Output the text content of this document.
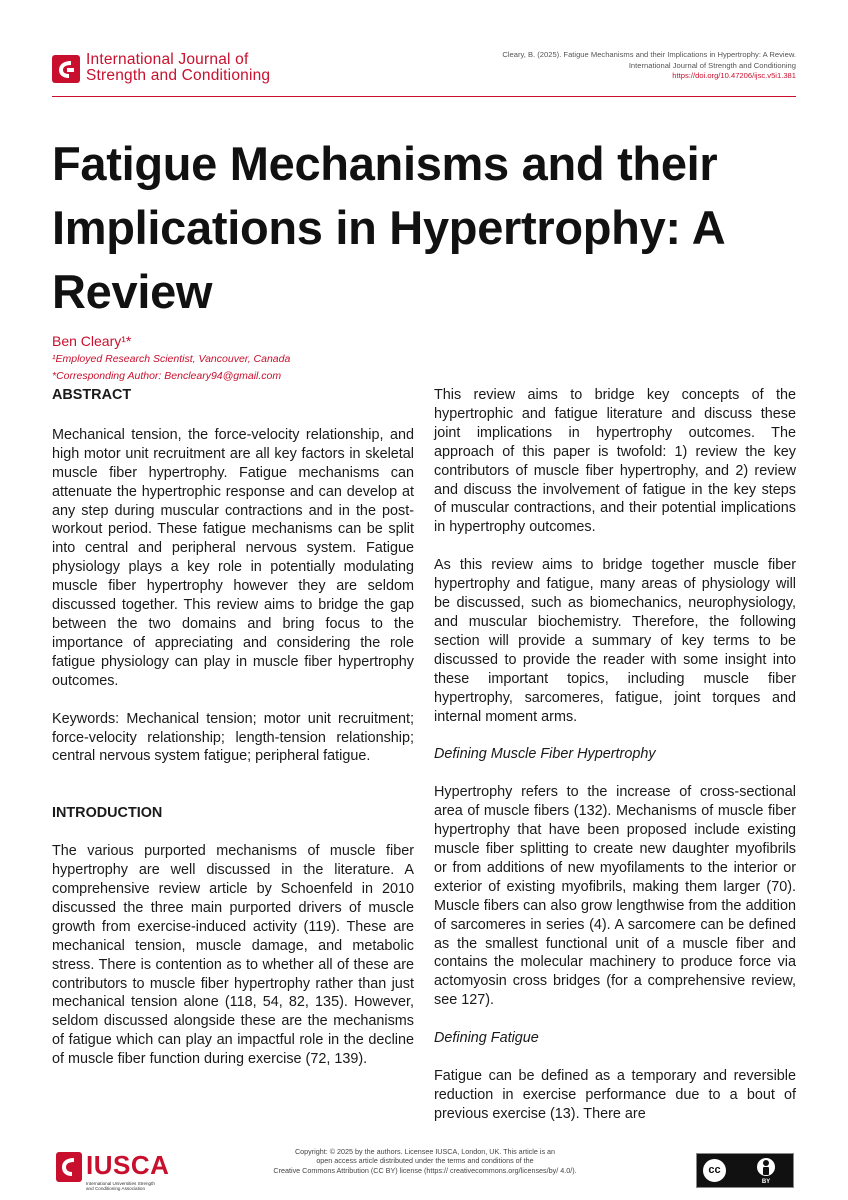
International Journal of
Strength and Conditioning
Cleary, B. (2025). Fatigue Mechanisms and their Implications in Hypertrophy: A Review.
International Journal of Strength and Conditioning
https://doi.org/10.47206/ijsc.v5i1.381
Fatigue Mechanisms and their Implications in Hypertrophy: A Review
Ben Cleary¹*
¹Employed Research Scientist, Vancouver, Canada
*Corresponding Author: Bencleary94@gmail.com
ABSTRACT

Mechanical tension, the force-velocity relationship, and high motor unit recruitment are all key factors in skeletal muscle fiber hypertrophy. Fatigue mechanisms can attenuate the hypertrophic response and can develop at any step during muscular contractions and in the post-workout period. These fatigue mechanisms can be split into central and peripheral nervous system. Fatigue physiology plays a key role in potentially modulating muscle fiber hypertrophy however they are seldom discussed together. This review aims to bridge the gap between the two domains and bring focus to the importance of appreciating and considering the role fatigue physiology can play in muscle fiber hypertrophy outcomes.

Keywords: Mechanical tension; motor unit recruitment; force-velocity relationship; length-tension relationship; central nervous system fatigue; peripheral fatigue.

INTRODUCTION

The various purported mechanisms of muscle fiber hypertrophy are well discussed in the literature. A comprehensive review article by Schoenfeld in 2010 discussed the three main purported drivers of muscle growth from exercise-induced activity (119). These are mechanical tension, muscle damage, and metabolic stress. There is contention as to whether all of these are contributors to muscle fiber hypertrophy rather than just mechanical tension alone (118, 54, 82, 135). However, seldom discussed alongside these are the mechanisms of fatigue which can play an impactful role in the decline of muscle fiber function during exercise (72, 139).

This review aims to bridge key concepts of the hypertrophic and fatigue literature and discuss these joint implications in hypertrophy outcomes. The approach of this paper is twofold: 1) review the key contributors of muscle fiber hypertrophy, and 2) review and discuss the involvement of fatigue in the key steps of muscular contractions, and their potential implications in hypertrophy outcomes.

As this review aims to bridge together muscle fiber hypertrophy and fatigue, many areas of physiology will be discussed, such as biomechanics, neurophysiology, and muscular biochemistry. Therefore, the following section will provide a summary of key terms to be discussed to provide the reader with some insight into these important topics, including muscle fiber hypertrophy, sarcomeres, fatigue, joint torques and internal moment arms.

Defining Muscle Fiber Hypertrophy

Hypertrophy refers to the increase of cross-sectional area of muscle fibers (132). Mechanisms of muscle fiber hypertrophy that have been proposed include existing muscle fiber splitting to create new daughter myofibrils or from additions of new myofilaments to the interior or exterior of existing myofibrils, making them larger (70). Muscle fibers can also grow lengthwise from the addition of sarcomeres in series (4). A sarcomere can be defined as the smallest functional unit of a muscle fiber and contains the molecular machinery to produce force via actomyosin cross bridges (for a comprehensive review, see 127).

Defining Fatigue

Fatigue can be defined as a temporary and reversible reduction in exercise performance due to a bout of previous exercise (13). There are

IUSCA
International Universities Strength
and Conditioning Association
Copyright: © 2025 by the authors. Licensee IUSCA, London, UK. This article is an
open access article distributed under the terms and conditions of the
Creative Commons Attribution (CC BY) license (https:// creativecommons.org/licenses/by/ 4.0/).	cc
BY
